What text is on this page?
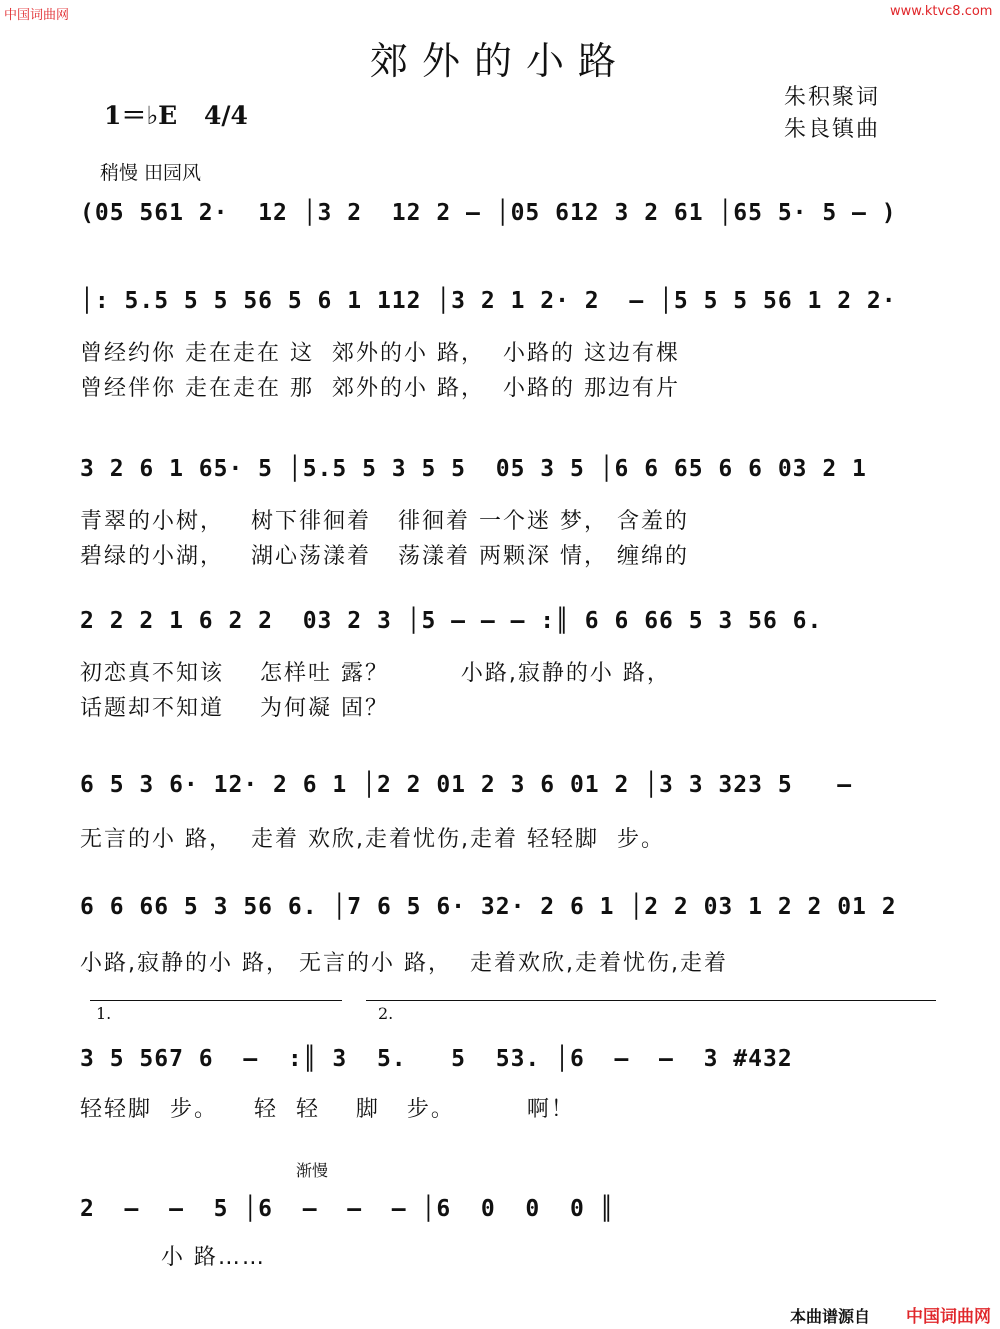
中国词曲网	www.ktvc8.com
郊外的小路
1＝♭E 4/4
朱积聚词
朱良镇曲
稍慢 田园风
(05 561 2·  12 │3 2  12 2 – │05 612 3 2 61 │65 5· 5 – )
│: 5.5 5 5 56 5 6 1 112 │3 2 1 2· 2  – │5 5 5 56 1 2 2·
曾经约你 走在走在 这  郊外的小 路，  小路的 这边有棵
曾经伴你 走在走在 那  郊外的小 路，  小路的 那边有片
3 2 6 1 65· 5 │5.5 5 3 5 5  05 3 5 │6 6 65 6 6 03 2 1
青翠的小树，   树下徘徊着   徘徊着 一个迷 梦， 含羞的
碧绿的小湖，   湖心荡漾着   荡漾着 两颗深 情， 缠绵的
2 2 2 1 6 2 2  03 2 3 │5 – – – :║ 6 6 66 5 3 56 6.
初恋真不知该    怎样吐 露？        小路,寂静的小 路，
话题却不知道    为何凝 固？
6 5 3 6· 12· 2 6 1 │2 2 01 2 3 6 01 2 │3 3 323 5   –
无言的小 路，  走着 欢欣,走着忧伤,走着 轻轻脚  步。
6 6 66 5 3 56 6. │7 6 5 6· 32· 2 6 1 │2 2 03 1 2 2 01 2
小路,寂静的小 路， 无言的小 路，  走着欢欣,走着忧伤,走着
1.	2.
3 5 567 6  –  :║ 3  5.   5  53. │6  –  –  3 #432
轻轻脚  步。    轻  轻    脚   步。        啊！
渐慢
2  –  –  5 │6  –  –  – │6  0  0  0 ║
小 路……
本曲谱源自 中国词曲网
